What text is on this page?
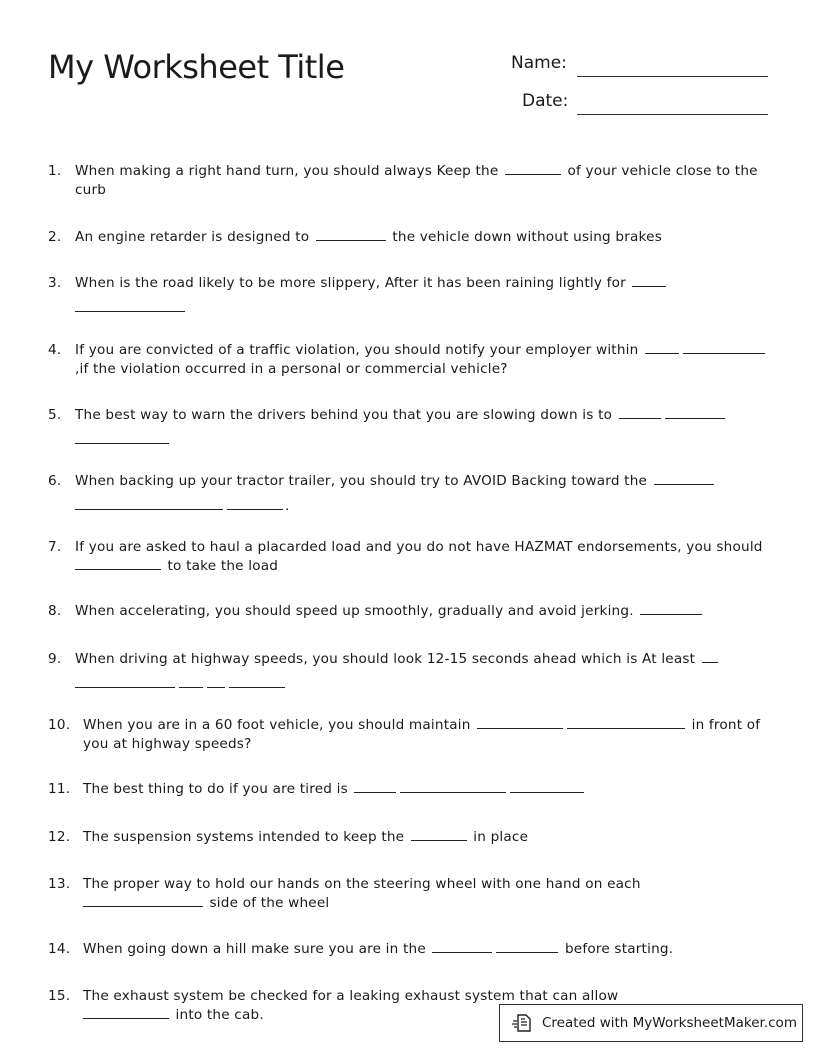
My Worksheet Title	Name:
Date:
1. When making a right hand turn, you should always Keep the	of your vehicle close to the curb
2. An engine retarder is designed to	the vehicle down without using brakes
3. When is the road likely to be more slippery, After it has been raining lightly for

4. If you are convicted of a traffic violation, you should notify your employer within
,if the violation occurred in a personal or commercial vehicle?
5. The best way to warn the drivers behind you that you are slowing down is to

6. When backing up your tractor trailer, you should try to AVOID Backing toward the
.
7. If you are asked to haul a placarded load and you do not have HAZMAT endorsements, you should
to take the load
8. When accelerating, you should speed up smoothly, gradually and avoid jerking.
9. When driving at highway speeds, you should look 12-15 seconds ahead which is At least

10. When you are in a 60 foot vehicle, you should maintain	in front of you at highway speeds?
11. The best thing to do if you are tired is
12. The suspension systems intended to keep the	in place
13. The proper way to hold our hands on the steering wheel with one hand on each
side of the wheel
14. When going down a hill make sure you are in the	before starting.
15. The exhaust system be checked for a leaking exhaust system that can allow
into the cab.	Created with MyWorksheetMaker.com
